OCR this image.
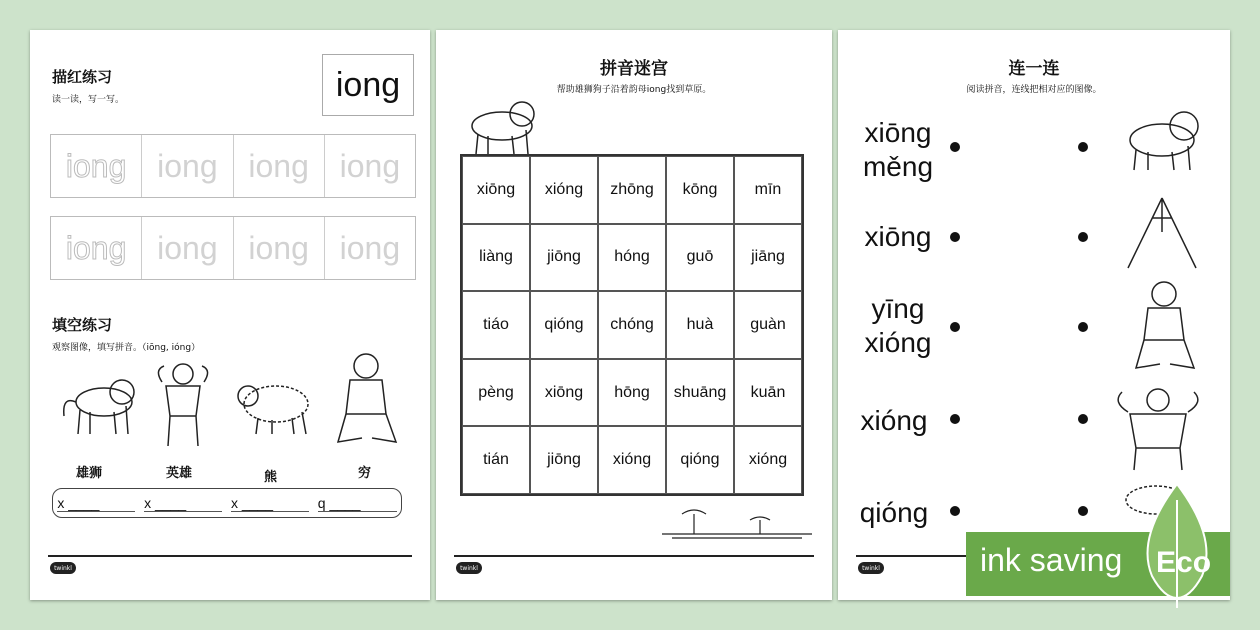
描红练习
读一读，写一写。	iong
iong iong iong iong
iong iong iong iong
填空练习
观察图像，填写拼音。（iōng, ióng）
雄狮	英雄	熊	穷
x ____	x ____	x ____	q ____
twinkl
拼音迷宫
帮助雄狮狗子沿着韵母iong找到草原。
xiōng	xióng	zhōng	kōng	mīn
liàng	jiōng	hóng	guō	jiāng
tiáo	qióng	chóng	huà	guàn
pèng	xiōng	hōng	shuāng	kuān
tián	jiōng	xióng	qióng	xióng
twinkl
连一连
阅读拼音，连线把相对应的图像。
xiōng
měng
xiōng
yīng
xióng
xióng
qióng
twinkl	ink saving Eco
